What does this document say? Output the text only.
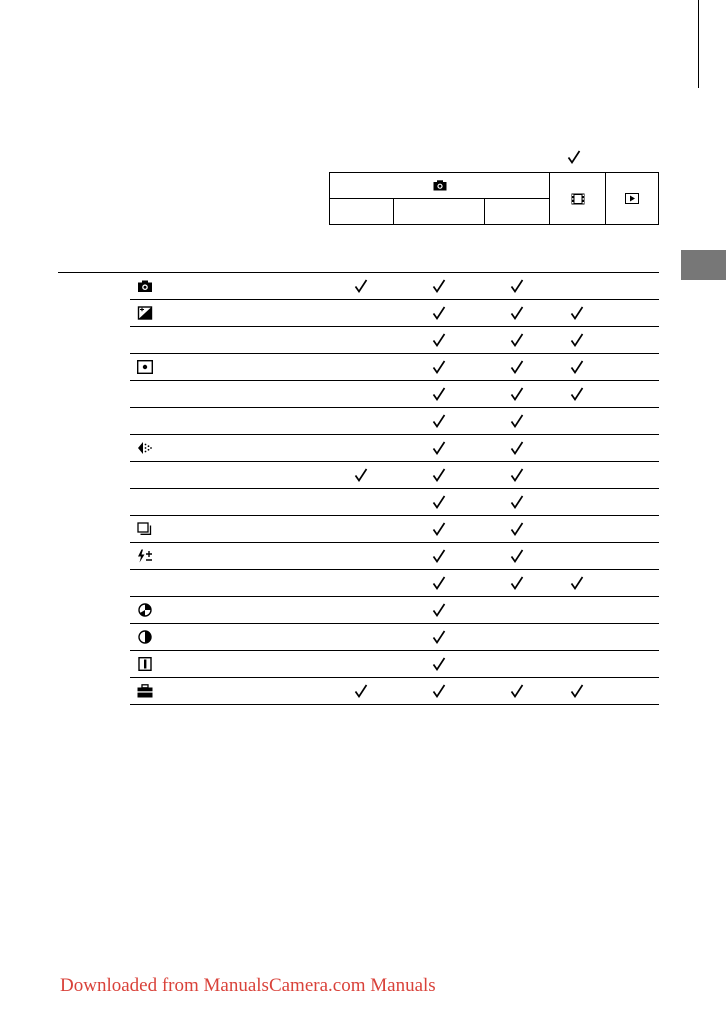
Downloaded from ManualsCamera.com Manuals
